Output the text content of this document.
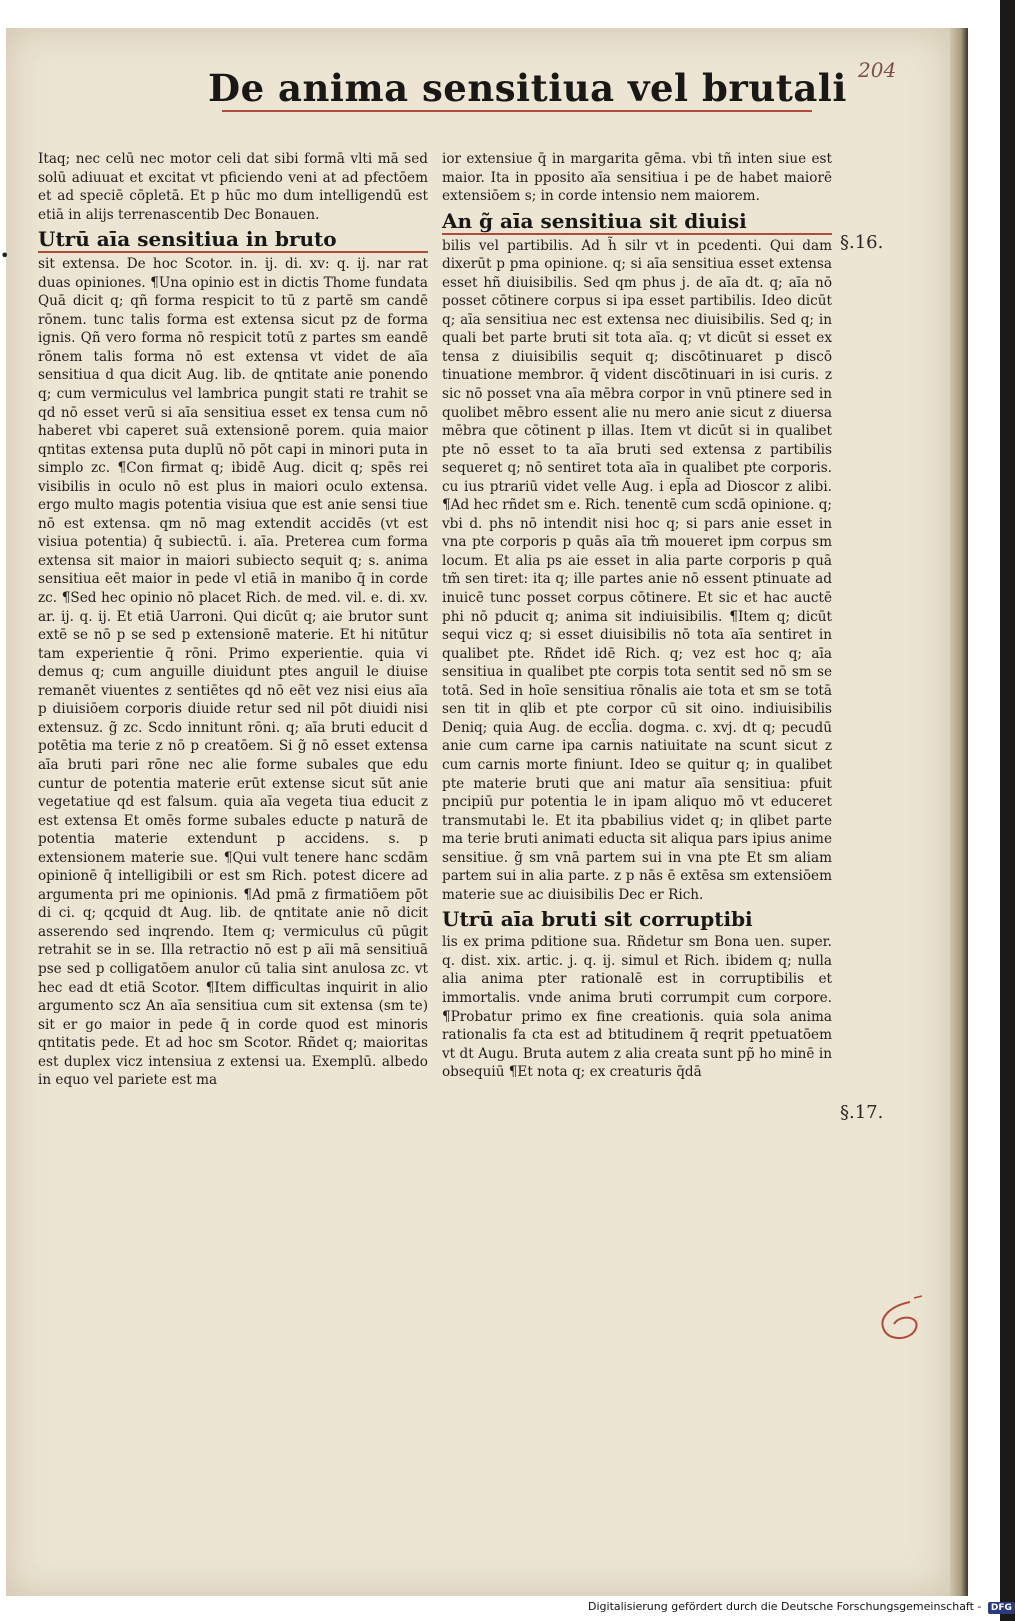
204
De anima sensitiua vel brutali
•

Itaq; nec celū nec motor celi dat sibi formā vlti mā sed solū adiuuat et excitat vt pficiendo veni at ad pfectōem et ad speciē cōpletā. Et p hūc mo dum intelligendū est etiā in alijs terrenascentib Dec Bonauen.

Utrū aīa sensitiua in bruto

sit extensa. De hoc Scotor. in. ij. di. xv: q. ij. nar rat duas opiniones. ¶Una opinio est in dictis Thome fundata Quā dicit q; qñ forma respicit to tū z partē sm candē rōnem. tunc talis forma est extensa sicut pz de forma ignis. Qñ vero forma nō respicit totū z partes sm eandē rōnem talis forma nō est extensa vt videt de aīa sensitiua d qua dicit Aug. lib. de qntitate anie ponendo q; cum vermiculus vel lambrica pungit stati re trahit se qd nō esset verū si aīa sensitiua esset ex tensa cum nō haberet vbi caperet suā extensionē porem. quia maior qntitas extensa puta duplū nō pōt capi in minori puta in simplo zc. ¶Con firmat q; ibidē Aug. dicit q; spēs rei visibilis in oculo nō est plus in maiori oculo extensa. ergo multo magis potentia visiua que est anie sensi tiue nō est extensa. qm nō mag extendit accidēs (vt est visiua potentia) q̄ subiectū. i. aīa. Preterea cum forma extensa sit maior in maiori subiecto sequit q; s. anima sensitiua eēt maior in pede vl etiā in manibo q̄ in corde zc. ¶Sed hec opinio nō placet Rich. de med. vil. e. di. xv. ar. ij. q. ij. Et etiā Uarroni. Qui dicūt q; aie brutor sunt extē se nō p se sed p extensionē materie. Et hi nitūtur tam experientie q̄ rōni. Primo experientie. quia vi demus q; cum anguille diuidunt ptes anguil le diuise remanēt viuentes z sentiētes qd nō eēt vez nisi eius aīa p diuisiōem corporis diuide retur sed nil pōt diuidi nisi extensuz. g̃ zc. Scdo innitunt rōni. q; aīa bruti educit d potētia ma terie z nō p creatōem. Si g̃ nō esset extensa aīa bruti pari rōne nec alie forme subales que edu cuntur de potentia materie erūt extense sicut sūt anie vegetatiue qd est falsum. quia aīa vegeta tiua educit z est extensa Et omēs forme subales educte p naturā de potentia materie extendunt p accidens. s. p extensionem materie sue. ¶Qui vult tenere hanc scdām opinionē q̄ intelligibili or est sm Rich. potest dicere ad argumenta pri me opinionis. ¶Ad pmā z firmatiōem pōt di ci. q; qcquid dt Aug. lib. de qntitate anie nō dicit asserendo sed inqrendo. Item q; vermiculus cū pūgit retrahit se in se. Illa retractio nō est p aīi mā sensitiuā pse sed p colligatōem anulor cū talia sint anulosa zc. vt hec ead dt etiā Scotor. ¶Item difficultas inquirit in alio argumento scz An aīa sensitiua cum sit extensa (sm te) sit er go maior in pede q̄ in corde quod est minoris qntitatis pede. Et ad hoc sm Scotor. Rñdet q; maioritas est duplex vicz intensiua z extensi ua. Exemplū. albedo in equo vel pariete est ma

ior extensiue q̄ in margarita gēma. vbi tñ inten siue est maior. Ita in pposito aīa sensitiua i pe de habet maiorē extensiōem s; in corde intensio nem maiorem.

An g̃ aīa sensitiua sit diuisi

bilis vel partibilis. Ad h̃ silr vt in pcedenti. Qui dam dixerūt p pma opinione. q; si aīa sensitiua esset extensa esset hñ diuisibilis. Sed qm phus j. de aīa dt. q; aīa nō posset cōtinere corpus si ipa esset partibilis. Ideo dicūt q; aīa sensitiua nec est extensa nec diuisibilis. Sed q; in quali bet parte bruti sit tota aīa. q; vt dicūt si esset ex tensa z diuisibilis sequit q; discōtinuaret p discō tinuatione membror. q̄ vident discōtinuari in isi curis. z sic nō posset vna aīa mēbra corpor in vnū ptinere sed in quolibet mēbro essent alie nu mero anie sicut z diuersa mēbra que cōtinent p illas. Item vt dicūt si in qualibet pte nō esset to ta aīa bruti sed extensa z partibilis sequeret q; nō sentiret tota aīa in qualibet pte corporis. cu ius ptrariū videt velle Aug. i epl̃a ad Dioscor z alibi. ¶Ad hec rñdet sm e. Rich. tenentē cum scdā opinione. q; vbi d. phs nō intendit nisi hoc q; si pars anie esset in vna pte corporis p quās aīa tm̃ moueret ipm corpus sm locum. Et alia ps aie esset in alia parte corporis p quā tm̃ sen tiret: ita q; ille partes anie nō essent ptinuate ad inuicē tunc posset corpus cōtinere. Et sic et hac auctē phi nō pducit q; anima sit indiuisibilis. ¶Item q; dicūt sequi vicz q; si esset diuisibilis nō tota aīa sentiret in qualibet pte. Rñdet idē Rich. q; vez est hoc q; aīa sensitiua in qualibet pte corpis tota sentit sed nō sm se totā. Sed in hoīe sensitiua rōnalis aie tota et sm se totā sen tit in qlib et pte corpor cū sit oino. indiuisibilis Deniq; quia Aug. de eccl̃ia. dogma. c. xvj. dt q; pecudū anie cum carne ipa carnis natiuitate na scunt sicut z cum carnis morte finiunt. Ideo se quitur q; in qualibet pte materie bruti que ani matur aīa sensitiua: pfuit pncipiū pur potentia le in ipam aliquo mō vt educeret transmutabi le. Et ita pbabilius videt q; in qlibet parte ma terie bruti animati educta sit aliqua pars ipius anime sensitiue. g̃ sm vnā partem sui in vna pte Et sm aliam partem sui in alia parte. z p nās ē extēsa sm extensiōem materie sue ac diuisibilis Dec er Rich.

Utrū aīa bruti sit corruptibi

lis ex prima pditione sua. Rñdetur sm Bona uen. super. q. dist. xix. artic. j. q. ij. simul et Rich. ibidem q; nulla alia anima pter rationalē est in corruptibilis et immortalis. vnde anima bruti corrumpit cum corpore. ¶Probatur primo ex fine creationis. quia sola anima rationalis fa cta est ad btitudinem q̄ reqrit ppetuatōem vt dt Augu. Bruta autem z alia creata sunt pp̃ ho minē in obsequiū ¶Et nota q; ex creaturis q̄dā

§.16.
§.17.
Digitalisierung gefördert durch die Deutsche Forschungsgemeinschaft - DFG
